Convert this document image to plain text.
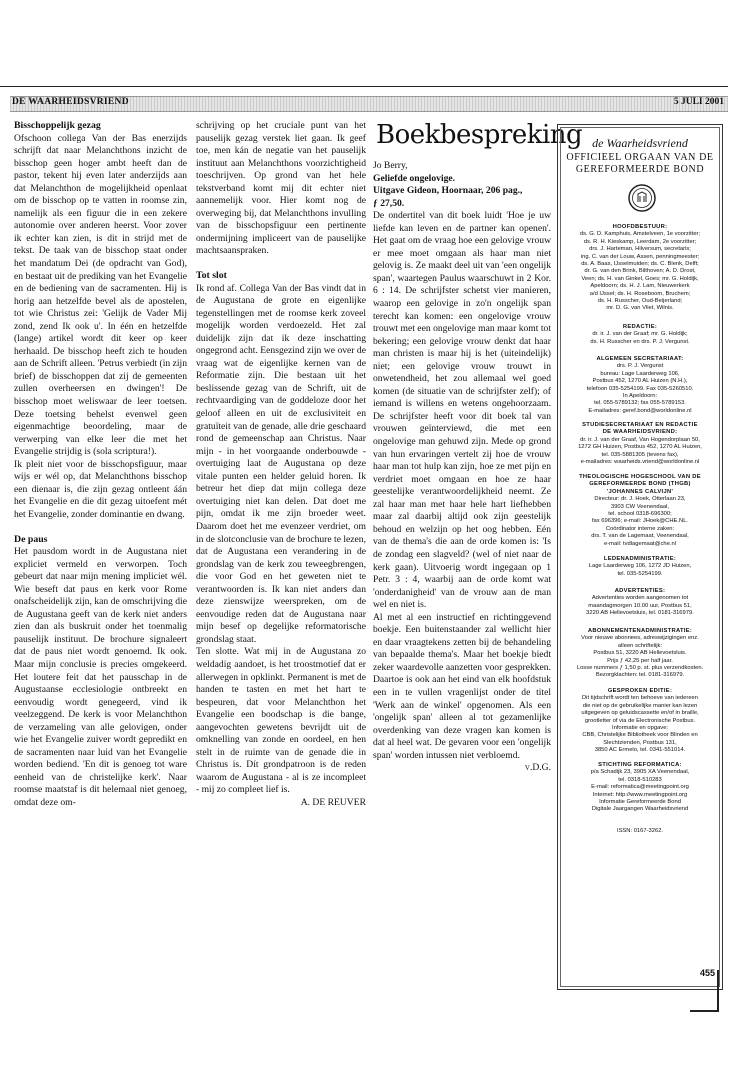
DE WAARHEIDSVRIEND	5 JULI 2001
Bisschoppelijk gezag

Ofschoon collega Van der Bas enerzijds schrijft dat naar Melanchthons inzicht de bisschop geen hoger ambt heeft dan de pastor, tekent hij even later anderzijds aan dat Melanchthon de mogelijkheid openlaat om de bisschop op te vatten in roomse zin, namelijk als een figuur die in een zekere autonomie over anderen heerst. Voor zover ik echter kan zien, is dit in strijd met de tekst. De taak van de bisschop staat onder het mandatum Dei (de opdracht van God), en bestaat uit de prediking van het Evangelie en de bediening van de sacramenten. Hij is horig aan hetzelfde bevel als de apostelen, tot wie Christus zei: 'Gelijk de Vader Mij zond, zend Ik ook u'. In één en hetzelfde (lange) artikel wordt dit keer op keer herhaald. De bisschop heeft zich te houden aan de Schrift alleen. 'Petrus verbiedt (in zijn brief) de bisschoppen dat zij de gemeenten zullen overheersen en dwingen'! De bisschop moet weliswaar de leer toetsen. Deze toetsing behelst evenwel geen eigenmachtige beoordeling, maar de verwerping van elke leer die met het Evangelie strijdig is (sola scriptura!).

Ik pleit niet voor de bisschopsfiguur, maar wijs er wél op, dat Melanchthons bisschop een dienaar is, die zijn gezag ontleent áán het Evangelie en die dit gezag uitoefent mét het Evangelie, zonder dominantie en dwang.

De paus

Het pausdom wordt in de Augustana niet expliciet vermeld en verworpen. Toch gebeurt dat naar mijn mening impliciet wél. Wie beseft dat paus en kerk voor Rome onafscheidelijk zijn, kan de omschrijving die de Augustana geeft van de kerk niet anders zien dan als buskruit onder het toenmalig pauselijk instituut. De brochure signaleert dat de paus niet wordt genoemd. Ik ook. Maar mijn conclusie is precies omgekeerd. Het loutere feit dat het pausschap in de Augustaanse ecclesiologie ontbreekt en eenvoudig wordt genegeerd, vind ik veelzeggend. De kerk is voor Melanchthon de verzameling van alle gelovigen, onder wie het Evangelie zuiver wordt gepredikt en de sacramenten naar luid van het Evangelie worden bediend. 'En dit is genoeg tot ware eenheid van de christelijke kerk'. Naar roomse maatstaf is dit helemaal niet genoeg, omdat deze om-

schrijving op het cruciale punt van het pauselijk gezag verstek liet gaan. Ik geef toe, men kán de negatie van het pauselijk instituut aan Melanchthons voorzichtigheid toeschrijven. Op grond van het hele tekstverband komt mij dit echter niet aannemelijk voor. Hier komt nog de overweging bij, dat Melanchthons invulling van de bisschopsfiguur een pertinente ondermijning impliceert van de pauselijke machtsaanspraken.

Tot slot

Ik rond af. Collega Van der Bas vindt dat in de Augustana de grote en eigenlijke tegenstellingen met de roomse kerk zoveel mogelijk worden verdoezeld. Het zal duidelijk zijn dat ik deze inschatting ongegrond acht. Eensgezind zijn we over de vraag wat de eigenlijke kernen van de Reformatie zijn. Die bestaan uit het beslissende gezag van de Schrift, uit de rechtvaardiging van de goddeloze door het geloof alleen en uit de exclusiviteit en gratuïteit van de genade, alle drie geschaard rond de gemeenschap aan Christus. Naar mijn - in het voorgaande onderbouwde - overtuiging laat de Augustana op deze vitale punten een helder geluid horen. Ik betreur het diep dat mijn collega deze overtuiging niet kan delen. Dat doet me pijn, omdat ik me zijn broeder weet. Daarom doet het me evenzeer verdriet, om in de slotconclusie van de brochure te lezen, dat de Augustana een verandering in de grondslag van de kerk zou teweegbrengen, die voor God en het geweten niet te verantwoorden is. Ik kan niet anders dan deze zienswijze weerspreken, om de eenvoudige reden dat de Augustana naar mijn besef op degelijke reformatorische grondslag staat.

Ten slotte. Wat mij in de Augustana zo weldadig aandoet, is het troostmotief dat er allerwegen in opklinkt. Permanent is met de handen te tasten en met het hart te bespeuren, dat voor Melanchthon het Evangelie een boodschap is die bange, aangevochten gewetens bevrijdt uit de omknelling van zonde en oordeel, en hen stelt in de ruimte van de genade die in Christus is. Dít grondpatroon is de reden waarom de Augustana - al is ze incompleet - mij zo compleet lief is.

A. DE REUVER

Boekbespreking

Jo Berry,

Geliefde ongelovige.

Uitgave Gideon, Hoornaar, 206 pag.,

ƒ 27,50.

De ondertitel van dit boek luidt 'Hoe je uw liefde kan leven en de partner kan openen'. Het gaat om de vraag hoe een gelovige vrouw er mee moet omgaan als haar man niet gelovig is. Ze maakt deel uit van 'een ongelijk span', waartegen Paulus waarschuwt in 2 Kor. 6 : 14. De schrijfster schetst vier manieren, waarop een gelovige in zo'n ongelijk span terecht kan komen: een ongelovige vrouw trouwt met een ongelovige man maar komt tot bekering; een gelovige vrouw denkt dat haar man christen is maar hij is het (uiteindelijk) niet; een gelovige vrouw trouwt in onwetendheid, het zou allemaal wel goed komen (de situatie van de schrijfster zelf); of iemand is willens en wetens ongehoorzaam. De schrijfster heeft voor dit boek tal van vrouwen geïnterviewd, die met een ongelovige man gehuwd zijn. Mede op grond van hun ervaringen vertelt zij hoe de vrouw haar man tot hulp kan zijn, hoe ze met pijn en verdriet moet omgaan en hoe ze haar geestelijke verantwoordelijkheid neemt. Ze zal haar man met haar hele hart liefhebben maar zal daarbij altijd ook zijn geestelijk behoud en welzijn op het oog hebben. Eén van de thema's die aan de orde komen is: 'Is de zondag een slagveld? (wel of niet naar de kerk gaan). Uitvoerig wordt ingegaan op 1 Petr. 3 : 4, waarbij aan de orde komt wat 'onderdanigheid' van de vrouw aan de man wel en niet is.

Al met al een instructief en richtinggevend boekje. Een buitenstaander zal wellicht hier en daar vraagtekens zetten bij de behandeling van bepaalde thema's. Maar het boekje biedt zeker waardevolle aanzetten voor gesprekken. Daartoe is ook aan het eind van elk hoofdstuk een in te vullen vragenlijst onder de titel 'Werk aan de winkel' opgenomen. Als een 'ongelijk span' alleen al tot gezamenlijke overdenking van deze vragen kan komen is dat al heel wat. De gevaren voor een 'ongelijk span' worden intussen niet verbloemd.

v.D.G.

de Waarheidsvriend
OFFICIEEL ORGAAN VAN DE
GEREFORMEERDE BOND
HOOFDBESTUUR:
ds. G. D. Kamphuis, Amstelveen, 1e voorzitter;
ds. R. H. Kieskamp, Leerdam, 2e voorzitter;
drs. J. Harteman, Hilversum, secretaris;
ing. C. van der Louw, Assen, penningmeester;
ds. A. Baas, IJsselmuiden; ds. C. Blenk, Delft;
dr. G. van den Brink, Bilthoven; A. D. Drost,
Veen; ds. H. van Ginkel, Goes; mr. G. Holdijk,
Apeldoorn; ds. H. J. Lam, Nieuwerkerk
a/d IJssel; ds. H. Roseboom, Bruchem;
ds. H. Russcher, Oud-Beijerland;
mr. D. G. van Vliet, Wilnis.
REDACTIE:
dr. ir. J. van der Graaf; mr. G. Holdijk;
ds. H. Russcher en drs. P. J. Vergunst.
ALGEMEEN SECRETARIAAT:
drs. P. J. Vergunst
bureau: Lage Laarderweg 106,
Postbus 452, 1270 AL Huizen (N.H.),
telefoon 035-5254199. Fax 035-5260510.
In Apeldoorn:
tel. 055-5789132; fax 055-5789153.
E-mailadres: geref.bond@worldonline.nl
STUDIESECRETARIAAT EN REDACTIE
DE WAARHEIDSVRIEND:
dr. ir. J. van der Graaf, Van Hogendorplaan 50,
1272 GH Huizen, Postbus 452, 1270 AL Huizen,
tel. 035-5881305 (tevens fax),
e-mailadres: waarheids.vriend@worldonline.nl
THEOLOGISCHE HOGESCHOOL VAN DE
GEREFORMEERDE BOND (THGB)
'JOHANNES CALVIJN'
Directeur: dr. J. Hoek, Otterlaan 23,
3903 CW Veenendaal,
tel. school 0318-696300;
fax 696396; e-mail: JHoek@CHE.NL.
Coördinator interne zaken:
drs. T. van de Lagemaat, Veenendaal,
e-mail: tvdlagemaat@che.nl
LEDENADMINISTRATIE:
Lage Laarderweg 106, 1272 JD Huizen,
tel. 035-5254199.
ADVERTENTIES:
Advertenties worden aangenomen tot
maandagmorgen 10.00 uur, Postbus 51,
3220 AB Hellevoetsluis, tel. 0181-316979.
ABONNEMENTENADMINISTRATIE:
Voor nieuwe abonnees, adreswijzigingen enz.
alleen schriftelijk:
Postbus 51, 3220 AB Hellevoetsluis.
Prijs ƒ 42,25 per half jaar.
Losse nummers ƒ 1,50 p. st. plus verzendkosten.
Bezorgklachten: tel. 0181-316979.
GESPROKEN EDITIE:
Dit tijdschrift wordt ten behoeve van iedereen
die niet op de gebruikelijke manier kan lezen
uitgegeven op geluidscassette en/of in braille,
grootletter of via de Electronische Postbus.
Informatie en opgave:
CBB, Christelijke Bibliotheek voor Blinden en
Slechtzienden, Postbus 131,
3850 AC Ermelo, tel. 0341-551014.
STICHTING REFORMATICA:
p/a Schadijk 23, 3905 XA Veenendaal,
tel. 0318-510283
E-mail: reformatica@meetingpoint.org
Internet: http://www.meetingpoint.org
Informatie Gereformeerde Bond
Digitale Jaargangen Waarheidsvriend
ISSN: 0167-3262.
455
